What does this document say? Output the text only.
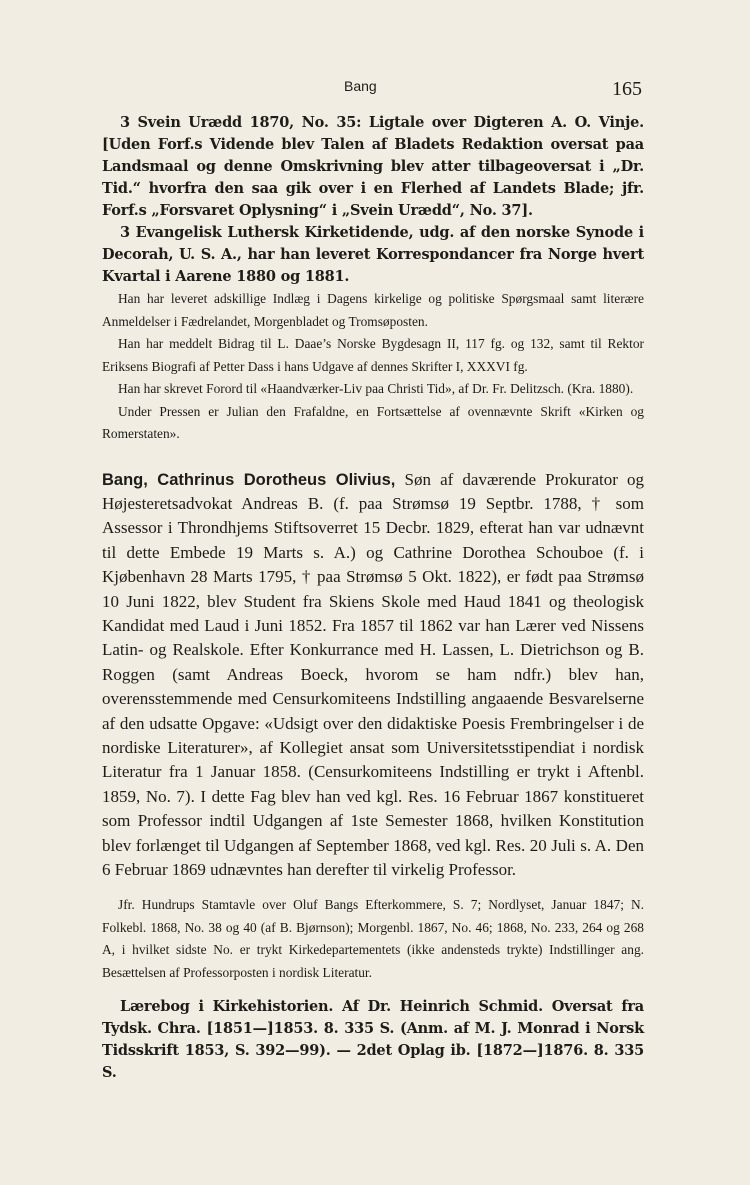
Bang	165

3 Svein Urædd 1870, No. 35: Ligtale over Digteren A. O. Vinje. [Uden Forf.s Vidende blev Talen af Bladets Redaktion oversat paa Landsmaal og denne Omskrivning blev atter tilbageoversat i „Dr. Tid.“ hvorfra den saa gik over i en Flerhed af Landets Blade; jfr. Forf.s „Forsvaret Oplysning“ i „Svein Urædd“, No. 37].

3 Evangelisk Luthersk Kirketidende, udg. af den norske Synode i Decorah, U. S. A., har han leveret Korrespondancer fra Norge hvert Kvartal i Aarene 1880 og 1881.

Han har leveret adskillige Indlæg i Dagens kirkelige og politiske Spørgsmaal samt literære Anmeldelser i Fædrelandet, Morgenbladet og Tromsøposten.

Han har meddelt Bidrag til L. Daae’s Norske Bygdesagn II, 117 fg. og 132, samt til Rektor Eriksens Biografi af Petter Dass i hans Udgave af dennes Skrifter I, XXXVI fg.

Han har skrevet Forord til «Haandværker-Liv paa Christi Tid», af Dr. Fr. Delitzsch. (Kra. 1880).

Under Pressen er Julian den Frafaldne, en Fortsættelse af ovennævnte Skrift «Kirken og Romerstaten».

Bang, Cathrinus Dorotheus Olivius, Søn af daværende Prokurator og Højesteretsadvokat Andreas B. (f. paa Strømsø 19 Septbr. 1788, † som Assessor i Throndhjems Stiftsoverret 15 Decbr. 1829, efterat han var udnævnt til dette Embede 19 Marts s. A.) og Cathrine Dorothea Schouboe (f. i Kjøbenhavn 28 Marts 1795, † paa Strømsø 5 Okt. 1822), er født paa Strømsø 10 Juni 1822, blev Student fra Skiens Skole med Haud 1841 og theologisk Kandidat med Laud i Juni 1852. Fra 1857 til 1862 var han Lærer ved Nissens Latin- og Realskole. Efter Konkurrance med H. Lassen, L. Dietrichson og B. Roggen (samt Andreas Boeck, hvorom se ham ndfr.) blev han, overensstemmende med Censurkomiteens Indstilling angaaende Besvarelserne af den udsatte Opgave: «Udsigt over den didaktiske Poesis Frembringelser i de nordiske Literaturer», af Kollegiet ansat som Universitetsstipendiat i nordisk Literatur fra 1 Januar 1858. (Censurkomiteens Indstilling er trykt i Aftenbl. 1859, No. 7). I dette Fag blev han ved kgl. Res. 16 Februar 1867 konstitueret som Professor indtil Udgangen af 1ste Semester 1868, hvilken Konstitution blev forlænget til Udgangen af September 1868, ved kgl. Res. 20 Juli s. A. Den 6 Februar 1869 udnævntes han derefter til virkelig Professor.

Jfr. Hundrups Stamtavle over Oluf Bangs Efterkommere, S. 7; Nordlyset, Januar 1847; N. Folkebl. 1868, No. 38 og 40 (af B. Bjørnson); Morgenbl. 1867, No. 46; 1868, No. 233, 264 og 268 A, i hvilket sidste No. er trykt Kirkedepartementets (ikke andensteds trykte) Indstillinger ang. Besættelsen af Professorposten i nordisk Literatur.

Lærebog i Kirkehistorien. Af Dr. Heinrich Schmid. Oversat fra Tydsk. Chra. [1851—]1853. 8. 335 S. (Anm. af M. J. Monrad i Norsk Tidsskrift 1853, S. 392—99). — 2det Oplag ib. [1872—]1876. 8. 335 S.
